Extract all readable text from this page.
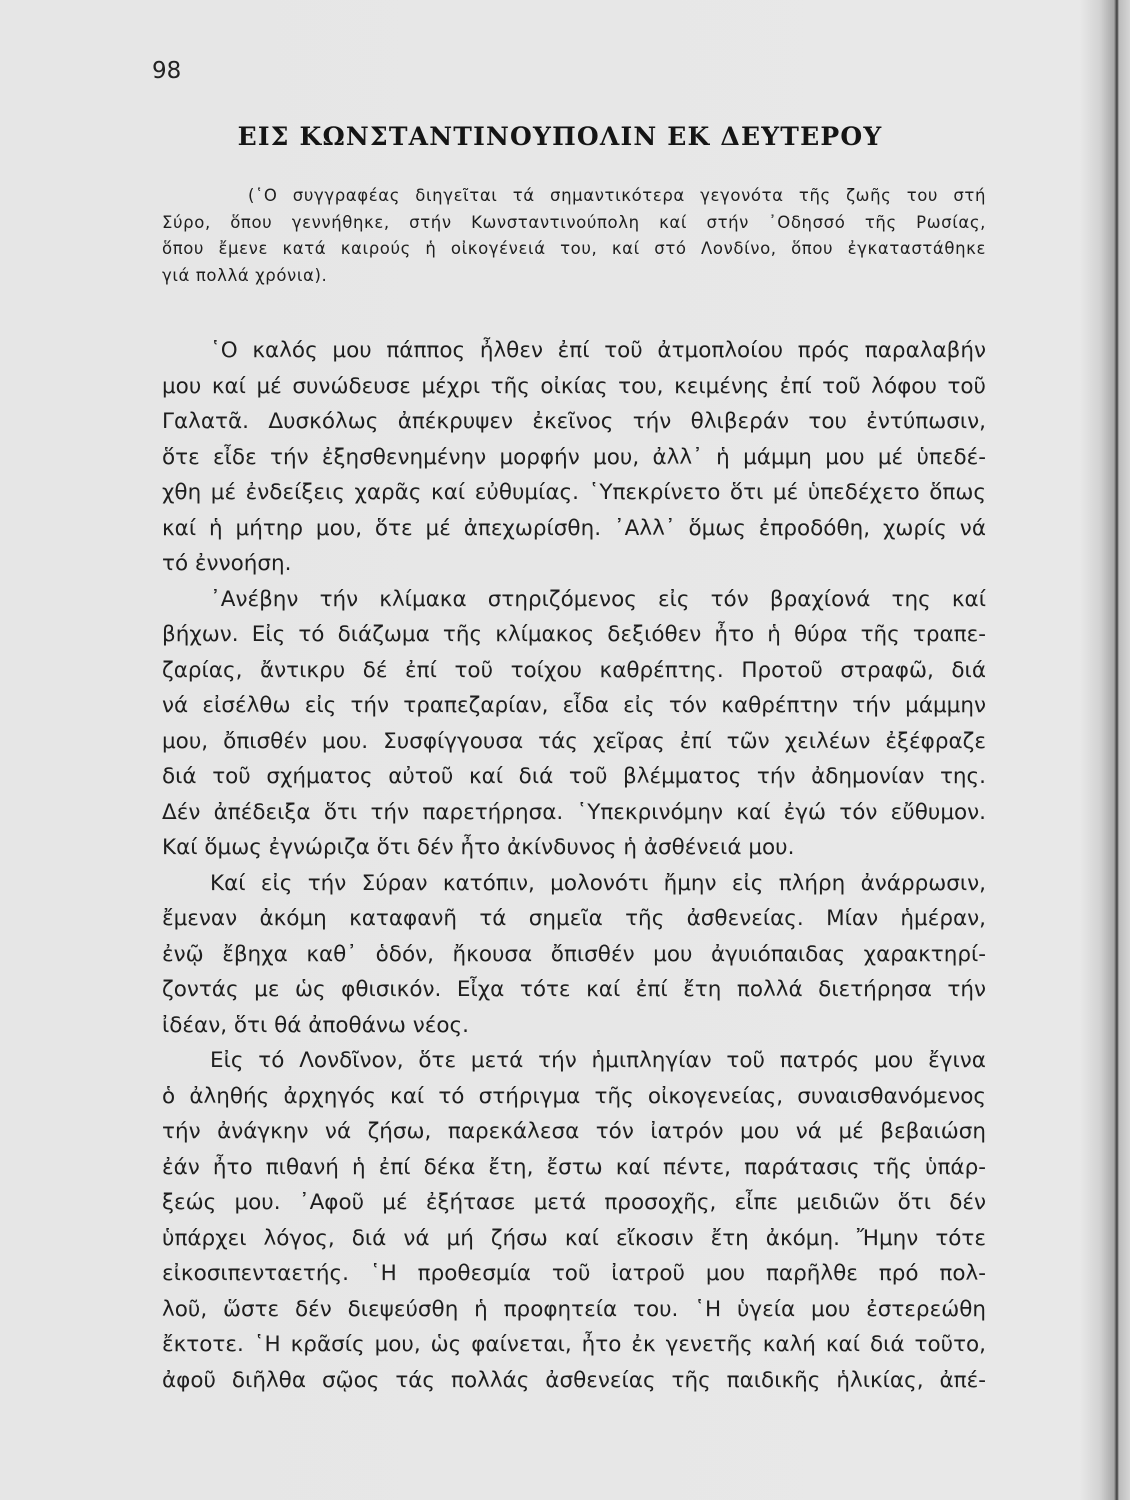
98
ΕΙΣ ΚΩΝΣΤΑΝΤΙΝΟΥΠΟΛΙΝ ΕΚ ΔΕΥΤΕΡΟΥ
(῾Ο συγγραφέας διηγεῖται τά σημαντικότερα γεγονότα τῆς ζωῆς του στή
Σύρο, ὅπου γεννήθηκε, στήν Κωνσταντινούπολη καί στήν ᾽Οδησσό τῆς Ρωσίας,
ὅπου ἔμενε κατά καιρούς ἡ οἰκογένειά του, καί στό Λονδίνο, ὅπου ἐγκαταστάθηκε
γιά πολλά χρόνια).
῾Ο καλός μου πάππος ἦλθεν ἐπί τοῦ ἀτμοπλοίου πρός παραλαβήν
μου καί μέ συνώδευσε μέχρι τῆς οἰκίας του, κειμένης ἐπί τοῦ λόφου τοῦ
Γαλατᾶ. Δυσκόλως ἀπέκρυψεν ἐκεῖνος τήν θλιβεράν του ἐντύπωσιν,
ὅτε εἶδε τήν ἐξησθενημένην μορφήν μου, ἀλλ᾽ ἡ μάμμη μου μέ ὑπεδέ-
χθη μέ ἐνδείξεις χαρᾶς καί εὐθυμίας. ῾Υπεκρίνετο ὅτι μέ ὑπεδέχετο ὅπως
καί ἡ μήτηρ μου, ὅτε μέ ἀπεχωρίσθη. ᾽Αλλ᾽ ὅμως ἐπροδόθη, χωρίς νά
τό ἐννοήση.
᾽Ανέβην τήν κλίμακα στηριζόμενος εἰς τόν βραχίονά της καί
βήχων. Εἰς τό διάζωμα τῆς κλίμακος δεξιόθεν ἦτο ἡ θύρα τῆς τραπε-
ζαρίας, ἄντικρυ δέ ἐπί τοῦ τοίχου καθρέπτης. Προτοῦ στραφῶ, διά
νά εἰσέλθω εἰς τήν τραπεζαρίαν, εἶδα εἰς τόν καθρέπτην τήν μάμμην
μου, ὄπισθέν μου. Συσφίγγουσα τάς χεῖρας ἐπί τῶν χειλέων ἐξέφραζε
διά τοῦ σχήματος αὐτοῦ καί διά τοῦ βλέμματος τήν ἀδημονίαν της.
Δέν ἀπέδειξα ὅτι τήν παρετήρησα. ῾Υπεκρινόμην καί ἐγώ τόν εὔθυμον.
Καί ὅμως ἐγνώριζα ὅτι δέν ἦτο ἀκίνδυνος ἡ ἀσθένειά μου.
Καί εἰς τήν Σύραν κατόπιν, μολονότι ἤμην εἰς πλήρη ἀνάρρωσιν,
ἔμεναν ἀκόμη καταφανῆ τά σημεῖα τῆς ἀσθενείας. Μίαν ἡμέραν,
ἐνῷ ἔβηχα καθ᾽ ὁδόν, ἤκουσα ὄπισθέν μου ἀγυιόπαιδας χαρακτηρί-
ζοντάς με ὡς φθισικόν. Εἶχα τότε καί ἐπί ἔτη πολλά διετήρησα τήν
ἰδέαν, ὅτι θά ἀποθάνω νέος.
Εἰς τό Λονδῖνον, ὅτε μετά τήν ἡμιπληγίαν τοῦ πατρός μου ἔγινα
ὁ ἀληθής ἀρχηγός καί τό στήριγμα τῆς οἰκογενείας, συναισθανόμενος
τήν ἀνάγκην νά ζήσω, παρεκάλεσα τόν ἰατρόν μου νά μέ βεβαιώση
ἐάν ἦτο πιθανή ἡ ἐπί δέκα ἔτη, ἔστω καί πέντε, παράτασις τῆς ὑπάρ-
ξεώς μου. ᾽Αφοῦ μέ ἐξήτασε μετά προσοχῆς, εἶπε μειδιῶν ὅτι δέν
ὑπάρχει λόγος, διά νά μή ζήσω καί εἴκοσιν ἔτη ἀκόμη. Ἤμην τότε
εἰκοσιπενταετής. ῾Η προθεσμία τοῦ ἰατροῦ μου παρῆλθε πρό πολ-
λοῦ, ὥστε δέν διεψεύσθη ἡ προφητεία του. ῾Η ὑγεία μου ἐστερεώθη
ἔκτοτε. ῾Η κρᾶσίς μου, ὡς φαίνεται, ἦτο ἐκ γενετῆς καλή καί διά τοῦτο,
ἀφοῦ διῆλθα σῷος τάς πολλάς ἀσθενείας τῆς παιδικῆς ἡλικίας, ἀπέ-
